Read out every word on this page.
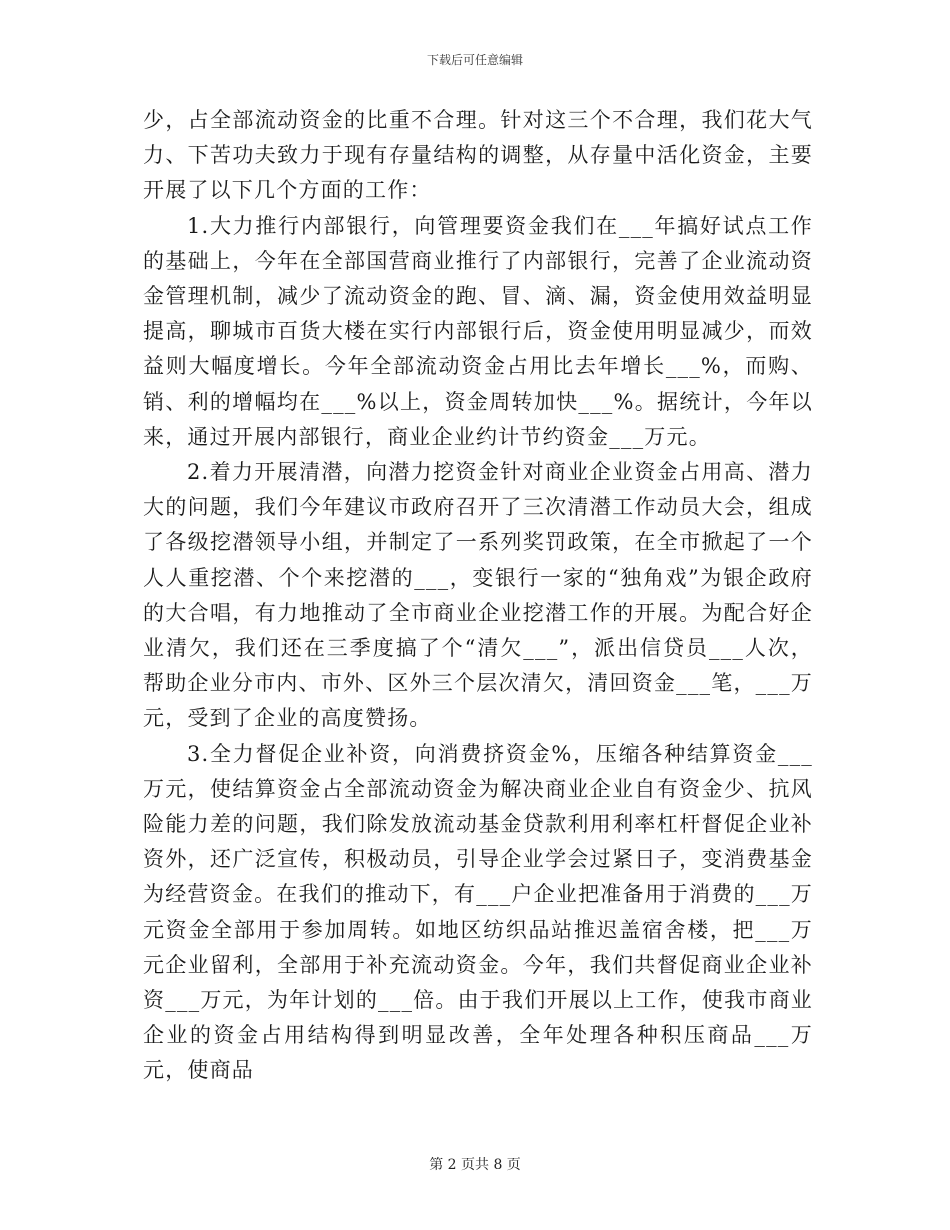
下载后可任意编辑

少，占全部流动资金的比重不合理。针对这三个不合理，我们花大气力、下苦功夫致力于现有存量结构的调整，从存量中活化资金，主要开展了以下几个方面的工作：

1.大力推行内部银行，向管理要资金我们在___年搞好试点工作的基础上，今年在全部国营商业推行了内部银行，完善了企业流动资金管理机制，减少了流动资金的跑、冒、滴、漏，资金使用效益明显提高，聊城市百货大楼在实行内部银行后，资金使用明显减少，而效益则大幅度增长。今年全部流动资金占用比去年增长___%，而购、销、利的增幅均在___%以上，资金周转加快___%。据统计，今年以来，通过开展内部银行，商业企业约计节约资金___万元。

2.着力开展清潜，向潜力挖资金针对商业企业资金占用高、潜力大的问题，我们今年建议市政府召开了三次清潜工作动员大会，组成了各级挖潜领导小组，并制定了一系列奖罚政策，在全市掀起了一个人人重挖潜、个个来挖潜的___，变银行一家的“独角戏”为银企政府的大合唱，有力地推动了全市商业企业挖潜工作的开展。为配合好企业清欠，我们还在三季度搞了个“清欠___”，派出信贷员___人次，帮助企业分市内、市外、区外三个层次清欠，清回资金___笔，___万元，受到了企业的高度赞扬。

3.全力督促企业补资，向消费挤资金%，压缩各种结算资金___万元，使结算资金占全部流动资金为解决商业企业自有资金少、抗风险能力差的问题，我们除发放流动基金贷款利用利率杠杆督促企业补资外，还广泛宣传，积极动员，引导企业学会过紧日子，变消费基金为经营资金。在我们的推动下，有___户企业把准备用于消费的___万元资金全部用于参加周转。如地区纺织品站推迟盖宿舍楼，把___万元企业留利，全部用于补充流动资金。今年，我们共督促商业企业补资___万元，为年计划的___倍。由于我们开展以上工作，使我市商业企业的资金占用结构得到明显改善，全年处理各种积压商品___万元，使商品

第 2 页共 8 页
